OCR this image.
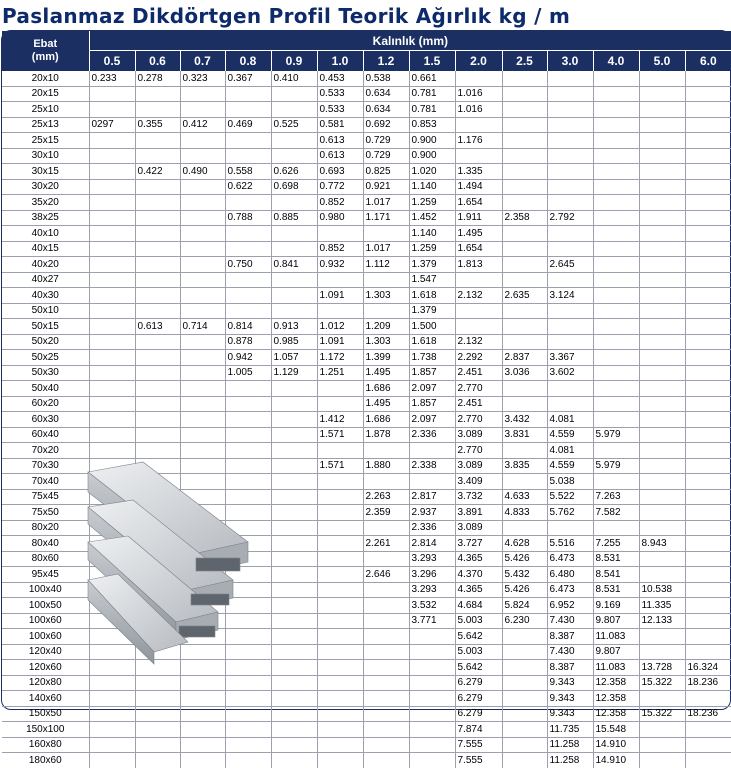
Paslanmaz Dikdörtgen Profil Teorik Ağırlık kg / m
Ebat
(mm)	Kalınlık (mm)													
	0.5	0.6	0.7	0.8	0.9	1.0	1.2	1.5	2.0	2.5	3.0	4.0	5.0	6.0
20x10	0.233	0.278	0.323	0.367	0.410	0.453	0.538	0.661						
20x15						0.533	0.634	0.781	1.016					
25x10						0.533	0.634	0.781	1.016					
25x13	0297	0.355	0.412	0.469	0.525	0.581	0.692	0.853						
25x15						0.613	0.729	0.900	1.176					
30x10						0.613	0.729	0.900						
30x15		0.422	0.490	0.558	0.626	0.693	0.825	1.020	1.335					
30x20				0.622	0.698	0.772	0.921	1.140	1.494					
35x20						0.852	1.017	1.259	1.654					
38x25				0.788	0.885	0.980	1.171	1.452	1.911	2.358	2.792			
40x10								1.140	1.495					
40x15						0.852	1.017	1.259	1.654					
40x20				0.750	0.841	0.932	1.112	1.379	1.813		2.645			
40x27								1.547						
40x30						1.091	1.303	1.618	2.132	2.635	3.124			
50x10								1.379						
50x15		0.613	0.714	0.814	0.913	1.012	1.209	1.500						
50x20				0.878	0.985	1.091	1.303	1.618	2.132					
50x25				0.942	1.057	1.172	1.399	1.738	2.292	2.837	3.367			
50x30				1.005	1.129	1.251	1.495	1.857	2.451	3.036	3.602			
50x40							1.686	2.097	2.770					
60x20							1.495	1.857	2.451					
60x30						1.412	1.686	2.097	2.770	3.432	4.081			
60x40						1.571	1.878	2.336	3.089	3.831	4.559	5.979		
70x20									2.770		4.081			
70x30						1.571	1.880	2.338	3.089	3.835	4.559	5.979		
70x40									3.409		5.038			
75x45							2.263	2.817	3.732	4.633	5.522	7.263		
75x50							2.359	2.937	3.891	4.833	5.762	7.582		
80x20								2.336	3.089					
80x40							2.261	2.814	3.727	4.628	5.516	7.255	8.943	
80x60								3.293	4.365	5.426	6.473	8.531		
95x45							2.646	3.296	4.370	5.432	6.480	8.541		
100x40								3.293	4.365	5.426	6.473	8.531	10.538	
100x50								3.532	4.684	5.824	6.952	9.169	11.335	
100x60								3.771	5.003	6.230	7.430	9.807	12.133	
100x60									5.642		8.387	11.083		
120x40									5.003		7.430	9.807		
120x60									5.642		8.387	11.083	13.728	16.324
120x80									6.279		9.343	12.358	15.322	18.236
140x60									6.279		9.343	12.358		
150x50									6.279		9.343	12.358	15.322	18.236
150x100									7.874		11.735	15.548		
160x80									7.555		11.258	14.910		
180x60									7.555		11.258	14.910		
